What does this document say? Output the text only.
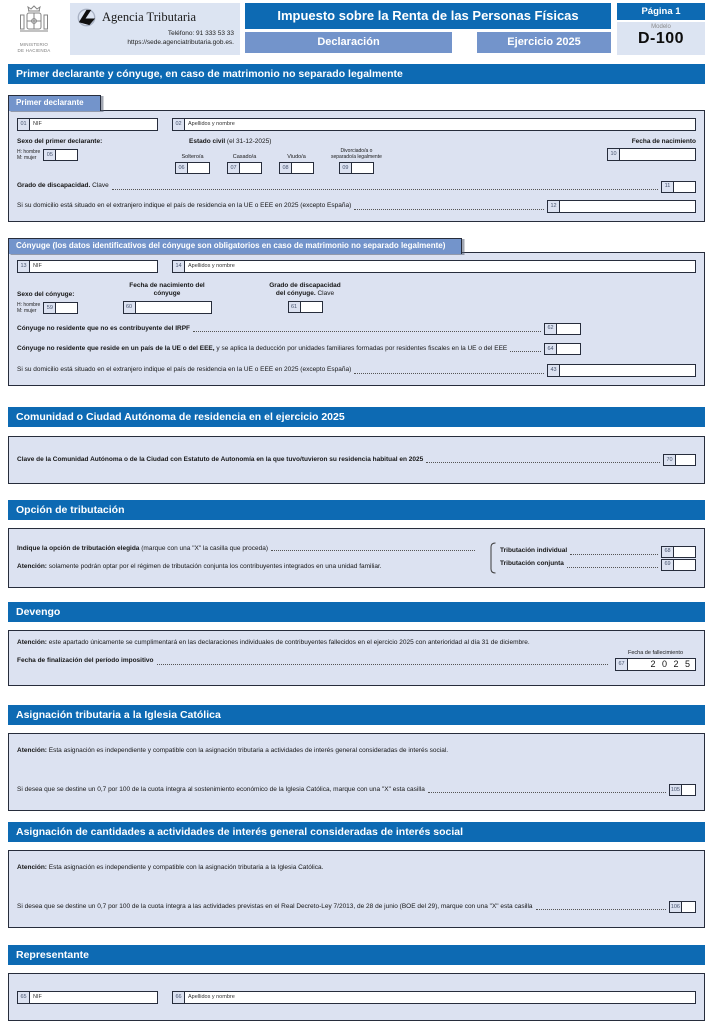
MINISTERIO
DE HACIENDA
Agencia Tributaria
Teléfono: 91 333 53 33
https://sede.agenciatributaria.gob.es.
Impuesto sobre la Renta de las Personas Físicas
Declaración	Ejercicio 2025
Página 1
Modelo
D-100
Primer declarante y cónyuge, en caso de matrimonio no separado legalmente
Primer declarante
01	NIF	02	Apellidos y nombre
Sexo del primer declarante:
H: hombre
M: mujer	05
Estado civil (el 31-12-2025)
Soltero/a
06
Casado/a
07
Viudo/a
08
Divorciado/a o
separado/a legalmente
09
Fecha de nacimiento
10
Grado de discapacidad. Clave	11
Si su domicilio está situado en el extranjero indique el país de residencia en la UE o EEE en 2025 (excepto España)	12
Cónyuge (los datos identificativos del cónyuge son obligatorios en caso de matrimonio no separado legalmente)
13	NIF	14	Apellidos y nombre
Sexo del cónyuge:
H: hombre
M: mujer	59
Fecha de nacimiento del
cónyuge
60
Grado de discapacidad
del cónyuge. Clave
61
Cónyuge no residente que no es contribuyente del IRPF	62
Cónyuge no residente que reside en un país de la UE o del EEE, y se aplica la deducción por unidades familiares formadas por residentes fiscales en la UE o del EEE	64
Si su domicilio está situado en el extranjero indique el país de residencia en la UE o EEE en 2025 (excepto España)	43
Comunidad o Ciudad Autónoma de residencia en el ejercicio 2025
Clave de la Comunidad Autónoma o de la Ciudad con Estatuto de Autonomía en la que tuvo/tuvieron su residencia habitual en 2025	70
Opción de tributación
Indique la opción de tributación elegida (marque con una "X" la casilla que proceda)
Atención: solamente podrán optar por el régimen de tributación conjunta los contribuyentes integrados en una unidad familiar.
Tributación individual	68
Tributación conjunta	69
Devengo
Atención: este apartado únicamente se cumplimentará en las declaraciones individuales de contribuyentes fallecidos en el ejercicio 2025 con anterioridad al día 31 de diciembre.
Fecha de finalización del período impositivo
Fecha de fallecimiento
67	2 0 2 5
Asignación tributaria a la Iglesia Católica
Atención: Esta asignación es independiente y compatible con la asignación tributaria a actividades de interés general consideradas de interés social.
Si desea que se destine un 0,7 por 100 de la cuota íntegra al sostenimiento económico de la Iglesia Católica, marque con una "X" esta casilla	105
Asignación de cantidades a actividades de interés general consideradas de interés social
Atención: Esta asignación es independiente y compatible con la asignación tributaria a la Iglesia Católica.
Si desea que se destine un 0,7 por 100 de la cuota íntegra a las actividades previstas en el Real Decreto-Ley 7/2013, de 28 de junio (BOE del 29), marque con una "X" esta casilla	106
Representante
65	NIF	66	Apellidos y nombre
